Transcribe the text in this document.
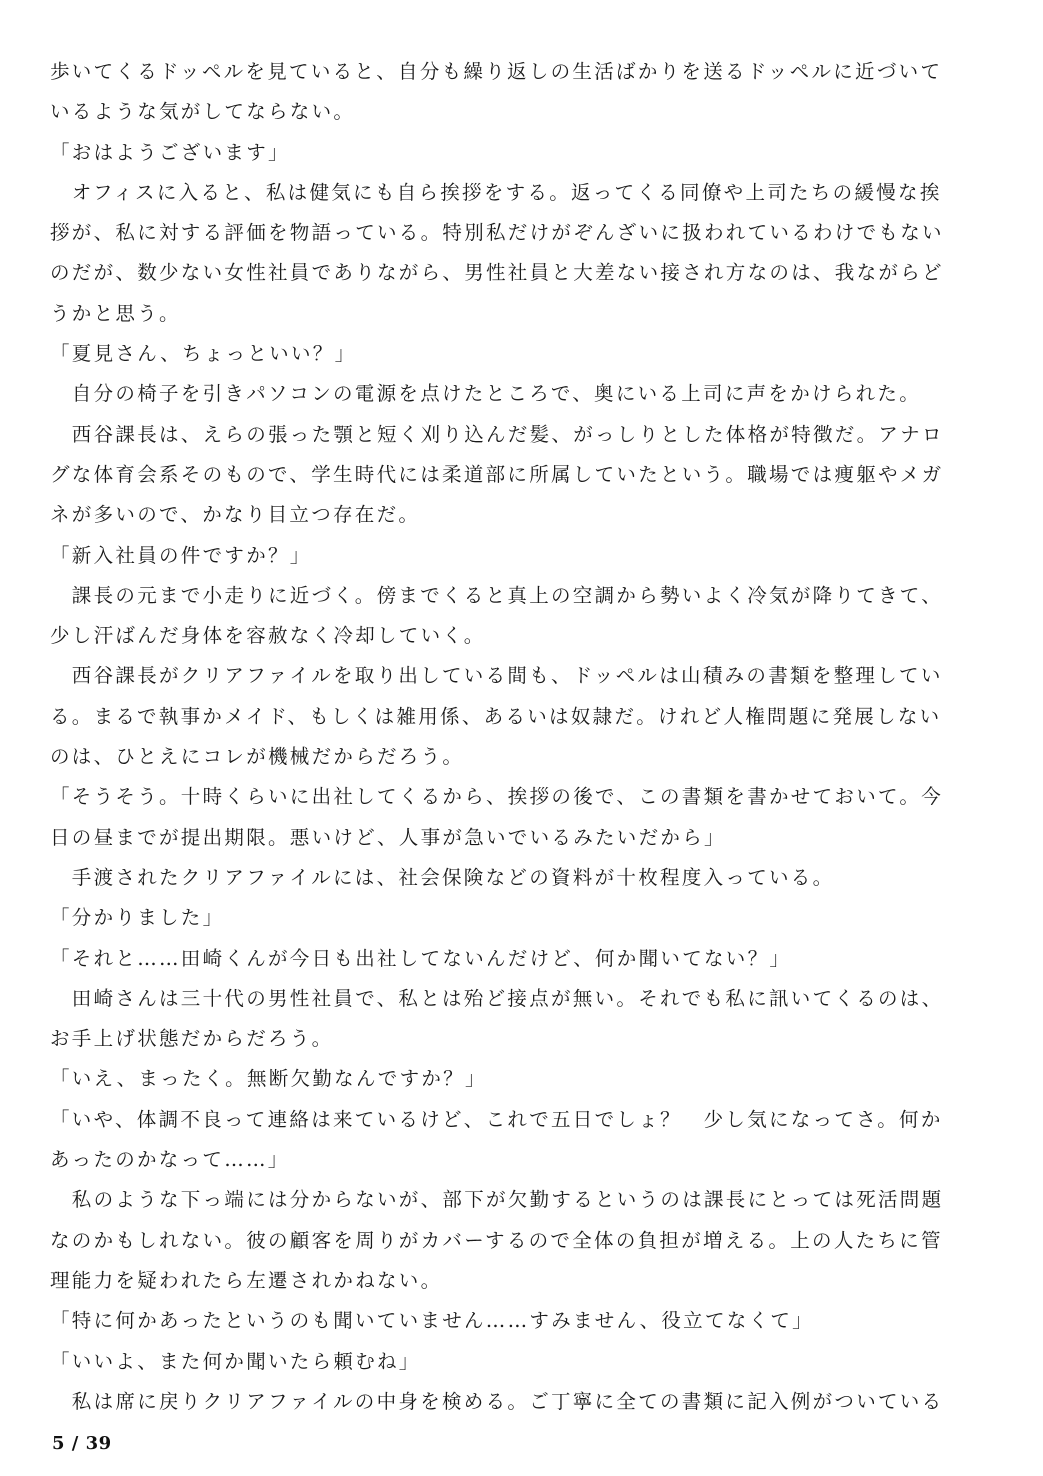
歩いてくるドッペルを見ていると、自分も繰り返しの生活ばかりを送るドッペルに近づいて
いるような気がしてならない。
「おはようございます」
　オフィスに入ると、私は健気にも自ら挨拶をする。返ってくる同僚や上司たちの緩慢な挨
拶が、私に対する評価を物語っている。特別私だけがぞんざいに扱われているわけでもない
のだが、数少ない女性社員でありながら、男性社員と大差ない接され方なのは、我ながらど
うかと思う。
「夏見さん、ちょっといい？」
　自分の椅子を引きパソコンの電源を点けたところで、奥にいる上司に声をかけられた。
　西谷課長は、えらの張った顎と短く刈り込んだ髪、がっしりとした体格が特徴だ。アナロ
グな体育会系そのもので、学生時代には柔道部に所属していたという。職場では痩躯やメガ
ネが多いので、かなり目立つ存在だ。
「新入社員の件ですか？」
　課長の元まで小走りに近づく。傍までくると真上の空調から勢いよく冷気が降りてきて、
少し汗ばんだ身体を容赦なく冷却していく。
　西谷課長がクリアファイルを取り出している間も、ドッペルは山積みの書類を整理してい
る。まるで執事かメイド、もしくは雑用係、あるいは奴隷だ。けれど人権問題に発展しない
のは、ひとえにコレが機械だからだろう。
「そうそう。十時くらいに出社してくるから、挨拶の後で、この書類を書かせておいて。今
日の昼までが提出期限。悪いけど、人事が急いでいるみたいだから」
　手渡されたクリアファイルには、社会保険などの資料が十枚程度入っている。
「分かりました」
「それと……田崎くんが今日も出社してないんだけど、何か聞いてない？」
　田崎さんは三十代の男性社員で、私とは殆ど接点が無い。それでも私に訊いてくるのは、
お手上げ状態だからだろう。
「いえ、まったく。無断欠勤なんですか？」
「いや、体調不良って連絡は来ているけど、これで五日でしょ？　少し気になってさ。何か
あったのかなって……」
　私のような下っ端には分からないが、部下が欠勤するというのは課長にとっては死活問題
なのかもしれない。彼の顧客を周りがカバーするので全体の負担が増える。上の人たちに管
理能力を疑われたら左遷されかねない。
「特に何かあったというのも聞いていません……すみません、役立てなくて」
「いいよ、また何か聞いたら頼むね」
　私は席に戻りクリアファイルの中身を検める。ご丁寧に全ての書類に記入例がついている
5 / 39
